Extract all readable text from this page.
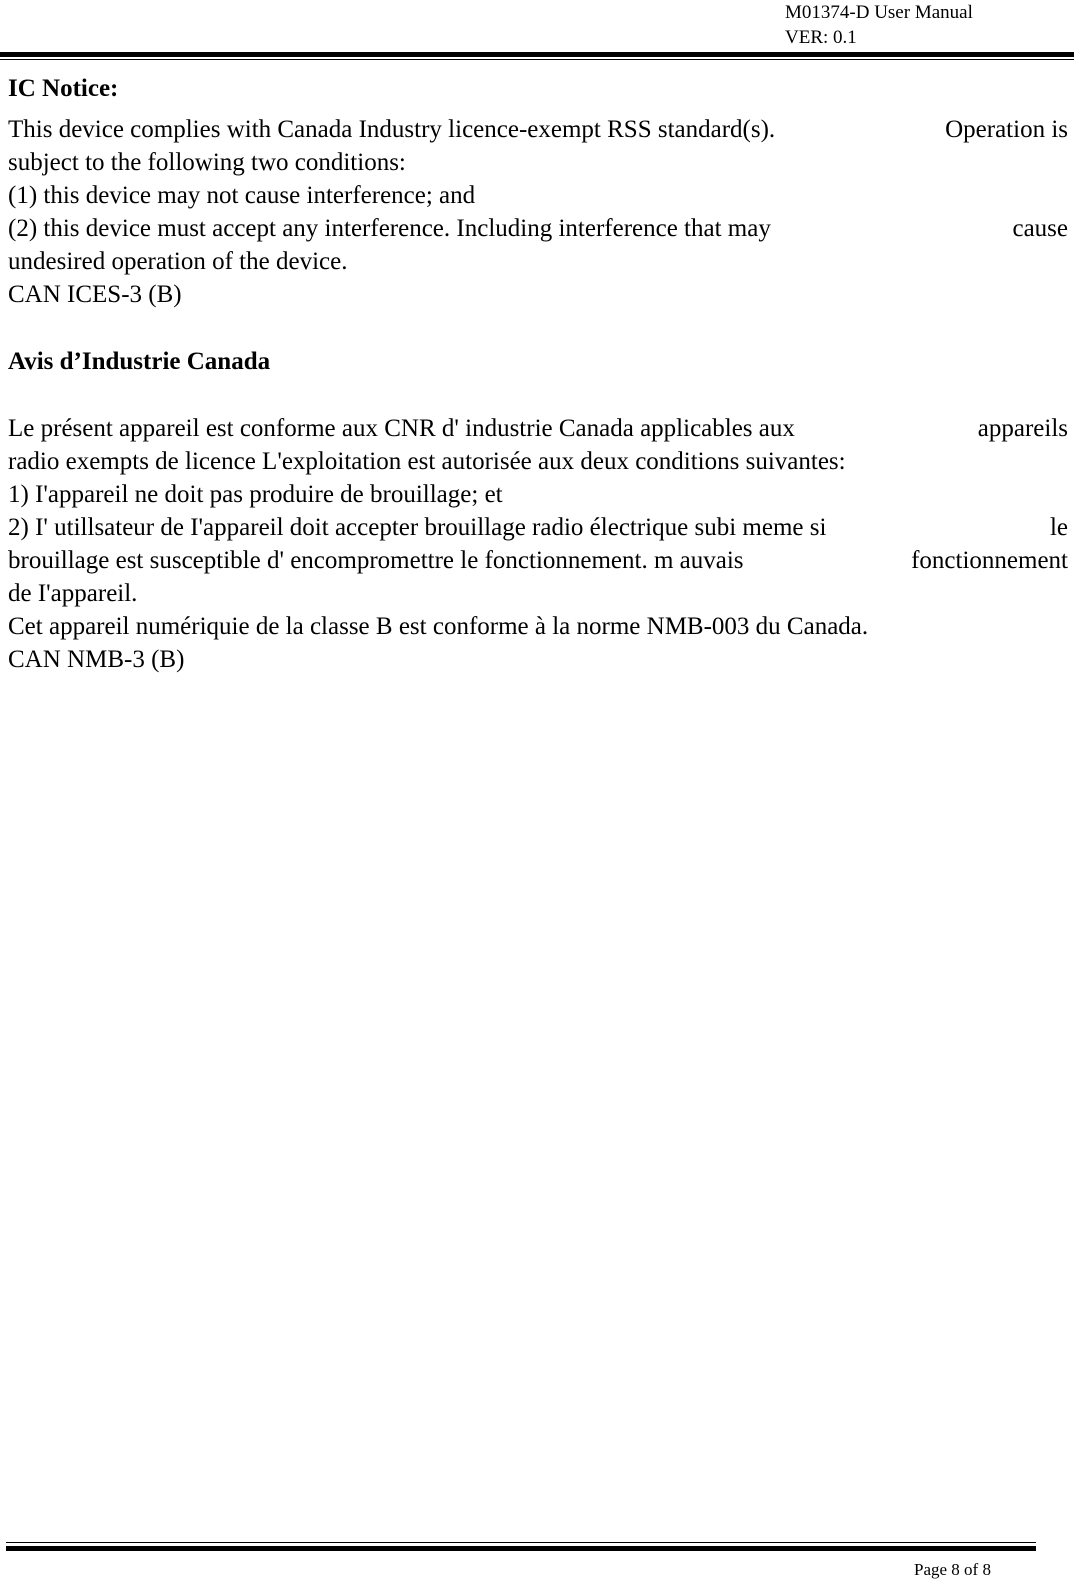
M01374-D User Manual
VER: 0.1

IC Notice:

This device complies with Canada Industry licence-exempt RSS standard(s).	Operation is

subject to the following two conditions:

(1) this device may not cause interference; and

(2) this device must accept any interference. Including interference that may	cause

undesired operation of the device.

CAN ICES-3 (B)

Avis d’Industrie Canada

Le présent appareil est conforme aux CNR d' industrie Canada applicables aux	appareils

radio exempts de licence L'exploitation est autorisée aux deux conditions suivantes:

1) I'appareil ne doit pas produire de brouillage; et

2) I' utillsateur de I'appareil doit accepter brouillage radio électrique subi meme si	le

brouillage est susceptible d' encompromettre le fonctionnement. m auvais	fonctionnement

de I'appareil.

Cet appareil numériquie de la classe B est conforme à la norme NMB-003 du Canada.

CAN NMB-3 (B)

Page 8 of 8
